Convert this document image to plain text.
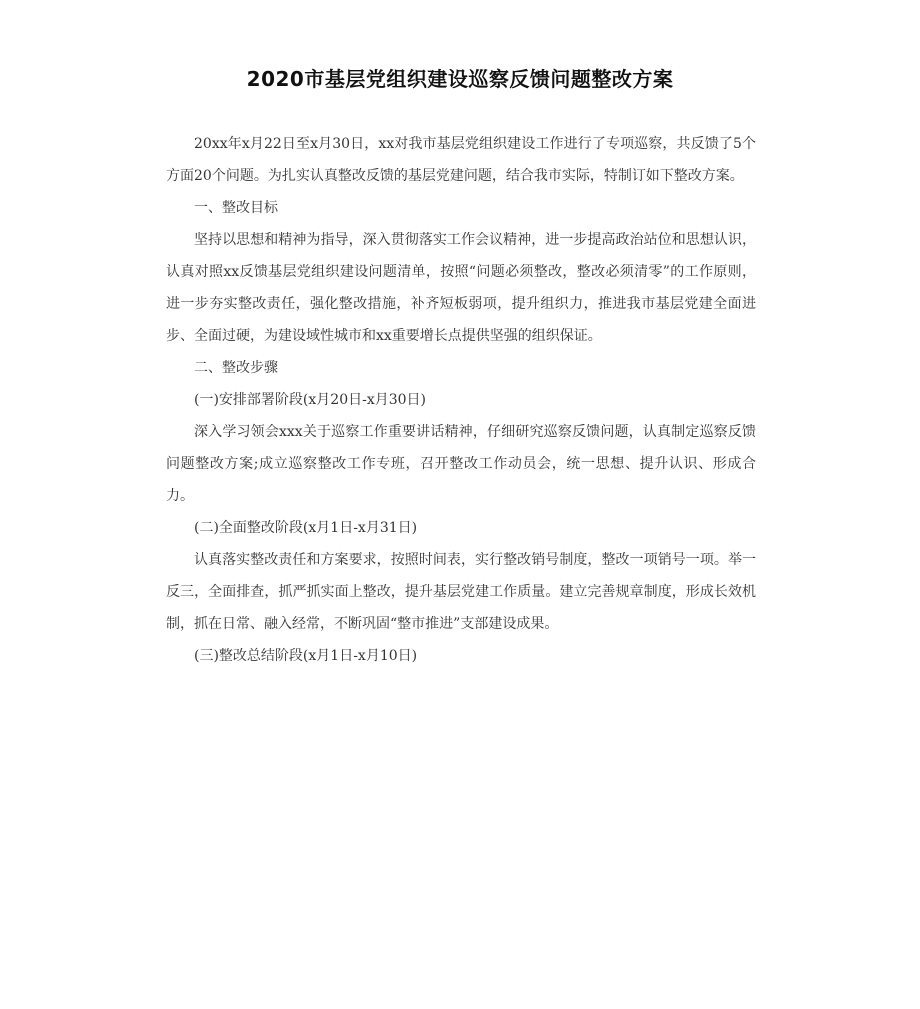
2020市基层党组织建设巡察反馈问题整改方案

20xx年x月22日至x月30日，xx对我市基层党组织建设工作进行了专项巡察，共反馈了5个方面20个问题。为扎实认真整改反馈的基层党建问题，结合我市实际，特制订如下整改方案。

一、整改目标

坚持以思想和精神为指导，深入贯彻落实工作会议精神，进一步提高政治站位和思想认识，认真对照xx反馈基层党组织建设问题清单，按照“问题必须整改，整改必须清零”的工作原则，进一步夯实整改责任，强化整改措施，补齐短板弱项，提升组织力，推进我市基层党建全面进步、全面过硬，为建设域性城市和xx重要增长点提供坚强的组织保证。

二、整改步骤

(一)安排部署阶段(x月20日-x月30日)

深入学习领会xxx关于巡察工作重要讲话精神，仔细研究巡察反馈问题，认真制定巡察反馈问题整改方案;成立巡察整改工作专班，召开整改工作动员会，统一思想、提升认识、形成合力。

(二)全面整改阶段(x月1日-x月31日)

认真落实整改责任和方案要求，按照时间表，实行整改销号制度，整改一项销号一项。举一反三，全面排查，抓严抓实面上整改，提升基层党建工作质量。建立完善规章制度，形成长效机制，抓在日常、融入经常，不断巩固“整市推进”支部建设成果。

(三)整改总结阶段(x月1日-x月10日)
